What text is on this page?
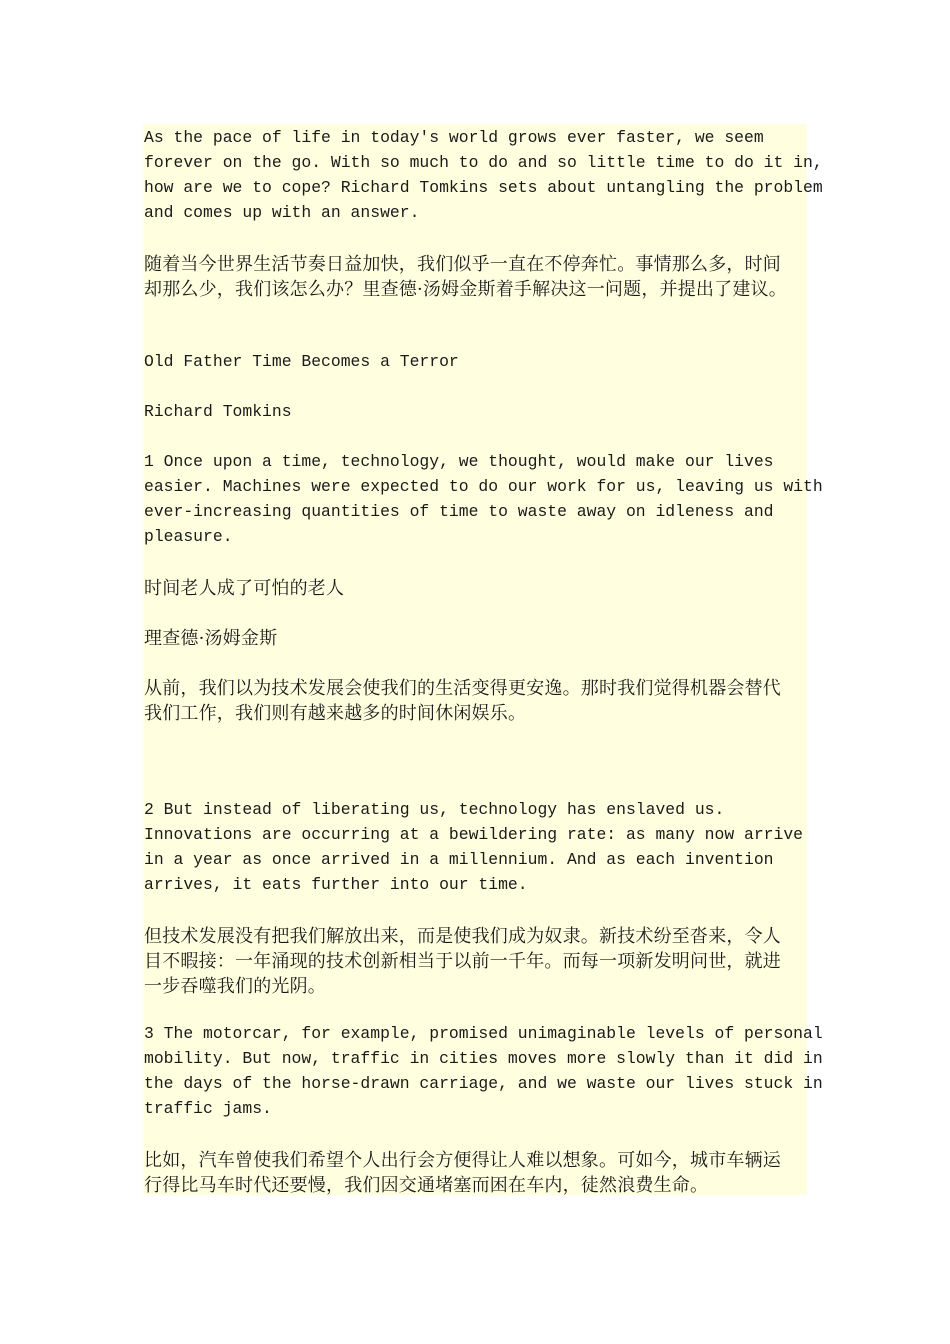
As the pace of life in today's world grows ever faster, we seem
forever on the go. With so much to do and so little time to do it in,
how are we to cope? Richard Tomkins sets about untangling the problem
and comes up with an answer.
随着当今世界生活节奏日益加快，我们似乎一直在不停奔忙。事情那么多，时间
却那么少，我们该怎么办？里查德·汤姆金斯着手解决这一问题，并提出了建议。
Old Father Time Becomes a Terror
Richard Tomkins
1 Once upon a time, technology, we thought, would make our lives
easier. Machines were expected to do our work for us, leaving us with
ever-increasing quantities of time to waste away on idleness and
pleasure.
时间老人成了可怕的老人
理查德·汤姆金斯
从前，我们以为技术发展会使我们的生活变得更安逸。那时我们觉得机器会替代
我们工作，我们则有越来越多的时间休闲娱乐。
2 But instead of liberating us, technology has enslaved us.
Innovations are occurring at a bewildering rate: as many now arrive
in a year as once arrived in a millennium. And as each invention
arrives, it eats further into our time.
但技术发展没有把我们解放出来，而是使我们成为奴隶。新技术纷至沓来，令人
目不暇接：一年涌现的技术创新相当于以前一千年。而每一项新发明问世，就进
一步吞噬我们的光阴。
3 The motorcar, for example, promised unimaginable levels of personal
mobility. But now, traffic in cities moves more slowly than it did in
the days of the horse-drawn carriage, and we waste our lives stuck in
traffic jams.
比如，汽车曾使我们希望个人出行会方便得让人难以想象。可如今，城市车辆运
行得比马车时代还要慢，我们因交通堵塞而困在车内，徒然浪费生命。
